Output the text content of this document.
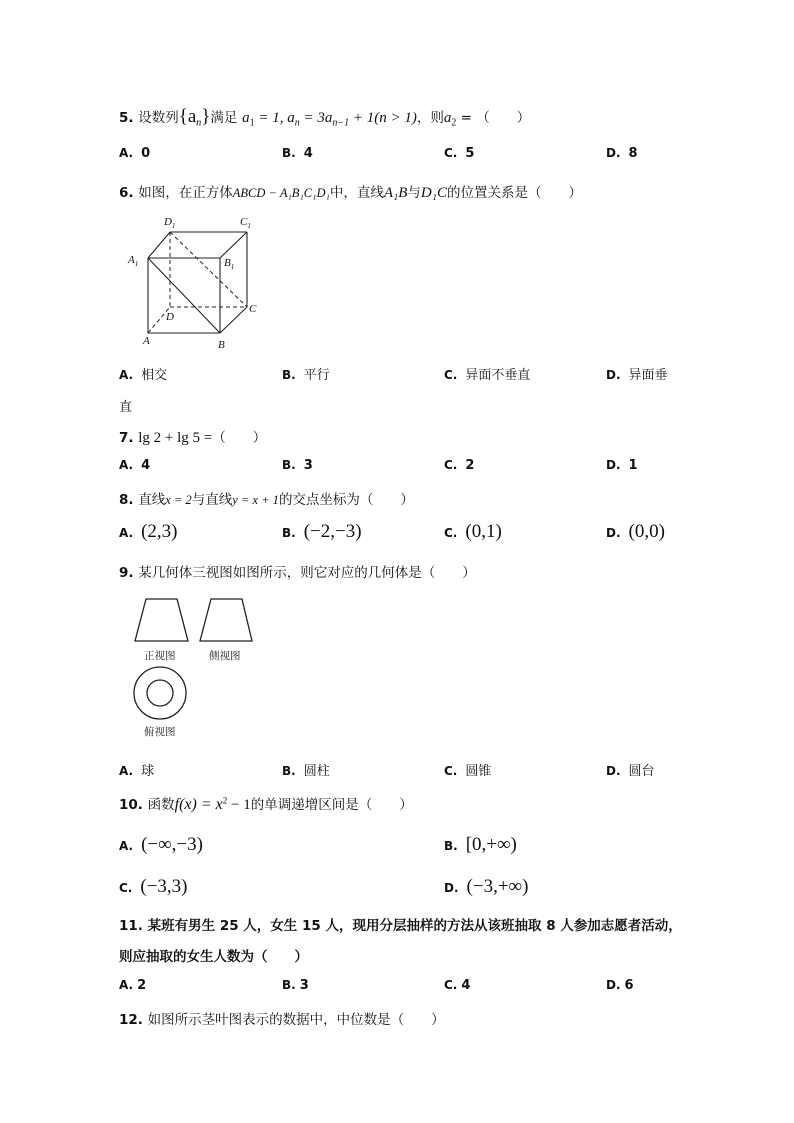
5. 设数列$\{a_n\}$满足 $a_1 = 1$, $a_n = 3a_{n-1} + 1(n > 1)$，则$a_2$ = （　　）
A. 0	B. 4	C. 5	D. 8
6. 如图，在正方体ABCD − A₁B₁C₁D₁中，直线A₁B与D₁C的位置关系是（　　）
$D_1$	$C_1$
$A_1$	$B_1$
D
C
A	B
A. 相交	B. 平行	C. 异面不垂直	D. 异面垂
直
7. lg 2 + lg 5 =（　　）
A. 4	B. 3	C. 2	D. 1
8. 直线x = 2与直线y = x + 1的交点坐标为（　　）
A. (2,3)	B. (−2,−3)	C. (0,1)	D. (0,0)
9. 某几何体三视图如图所示，则它对应的几何体是（　　）
正视图	侧视图
俯视图
A. 球	B. 圆柱	C. 圆锥	D. 圆台
10. 函数$f(x) = x^2 - 1$的单调递增区间是（　　）
A. (−∞,−3)	B. [0,+∞)
C. (−3,3)	D. (−3,+∞)
11. 某班有男生 25 人，女生 15 人，现用分层抽样的方法从该班抽取 8 人参加志愿者活动，
则应抽取的女生人数为（　　）
A. 2	B. 3	C. 4	D. 6
12. 如图所示茎叶图表示的数据中，中位数是（　　）
